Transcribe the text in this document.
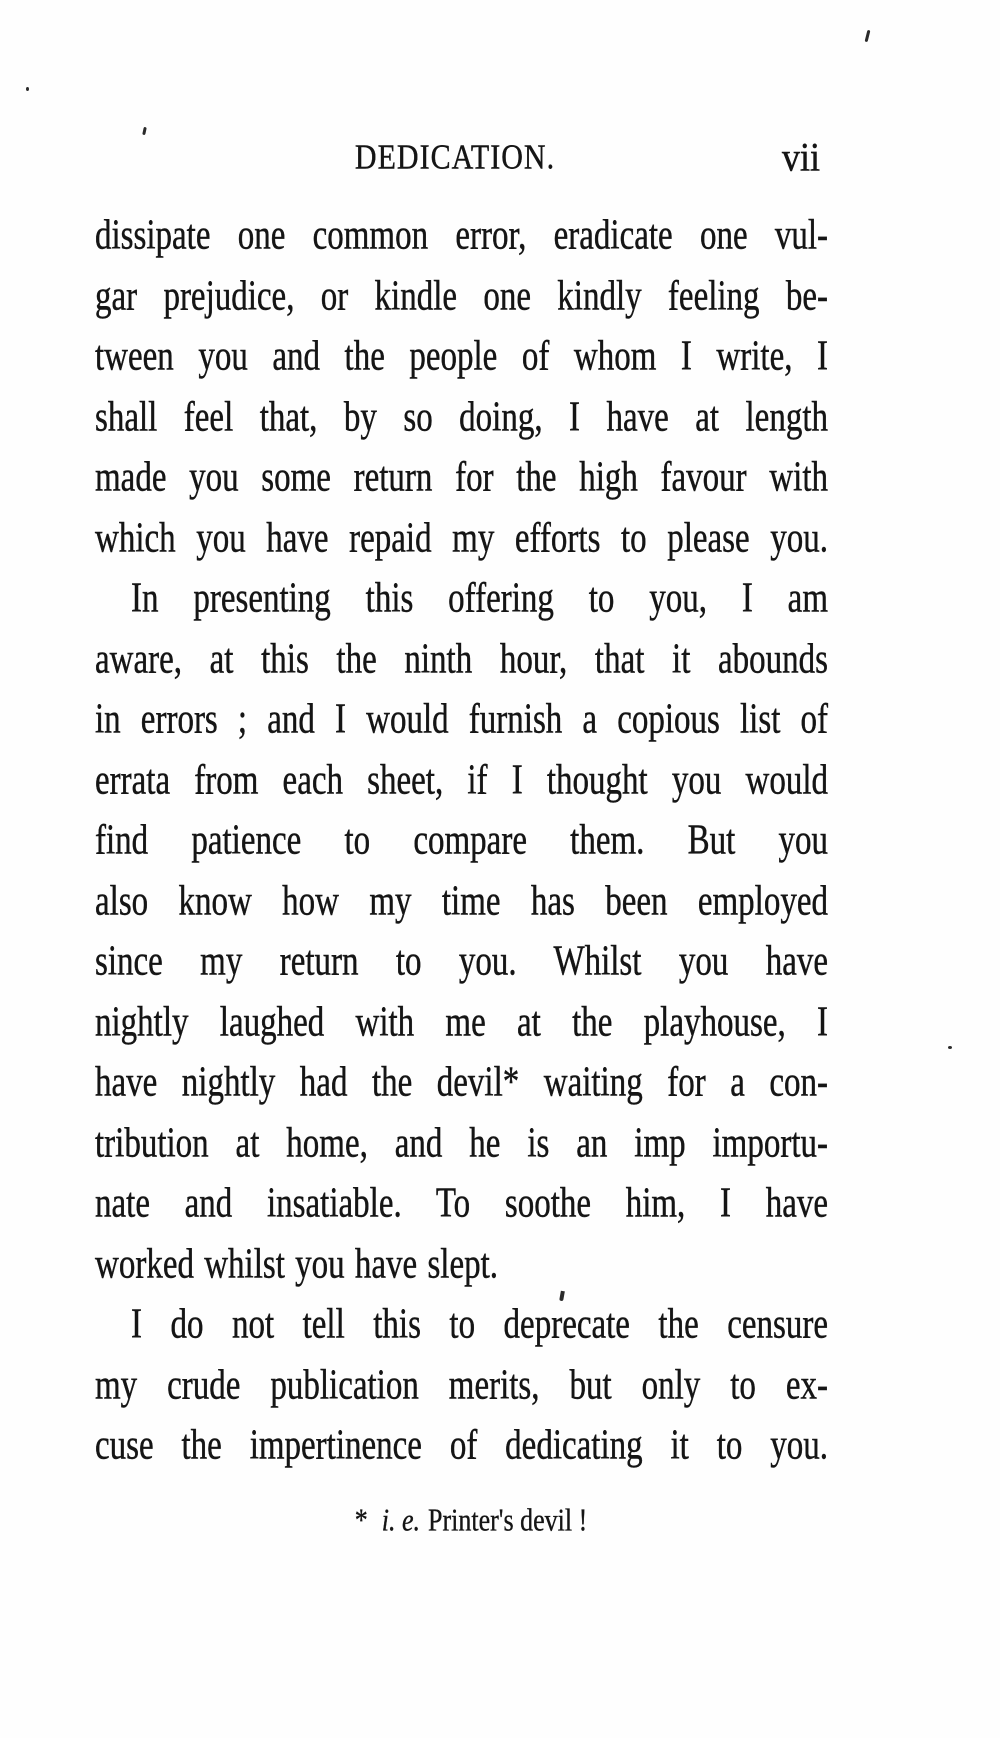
DEDICATION.	vii
dissipate one common error, eradicate one vul-
gar prejudice, or kindle one kindly feeling be-
tween you and the people of whom I write, I
shall feel that, by so doing, I have at length
made you some return for the high favour with
which you have repaid my efforts to please you.
In presenting this offering to you, I am
aware, at this the ninth hour, that it abounds
in errors ; and I would furnish a copious list of
errata from each sheet, if I thought you would
find patience to compare them. But you
also know how my time has been employed
since my return to you. Whilst you have
nightly laughed with me at the playhouse, I
have nightly had the devil* waiting for a con-
tribution at home, and he is an imp importu-
nate and insatiable. To soothe him, I have
worked whilst you have slept.
I do not tell this to deprecate the censure
my crude publication merits, but only to ex-
cuse the impertinence of dedicating it to you.
* i. e. Printer's devil !
